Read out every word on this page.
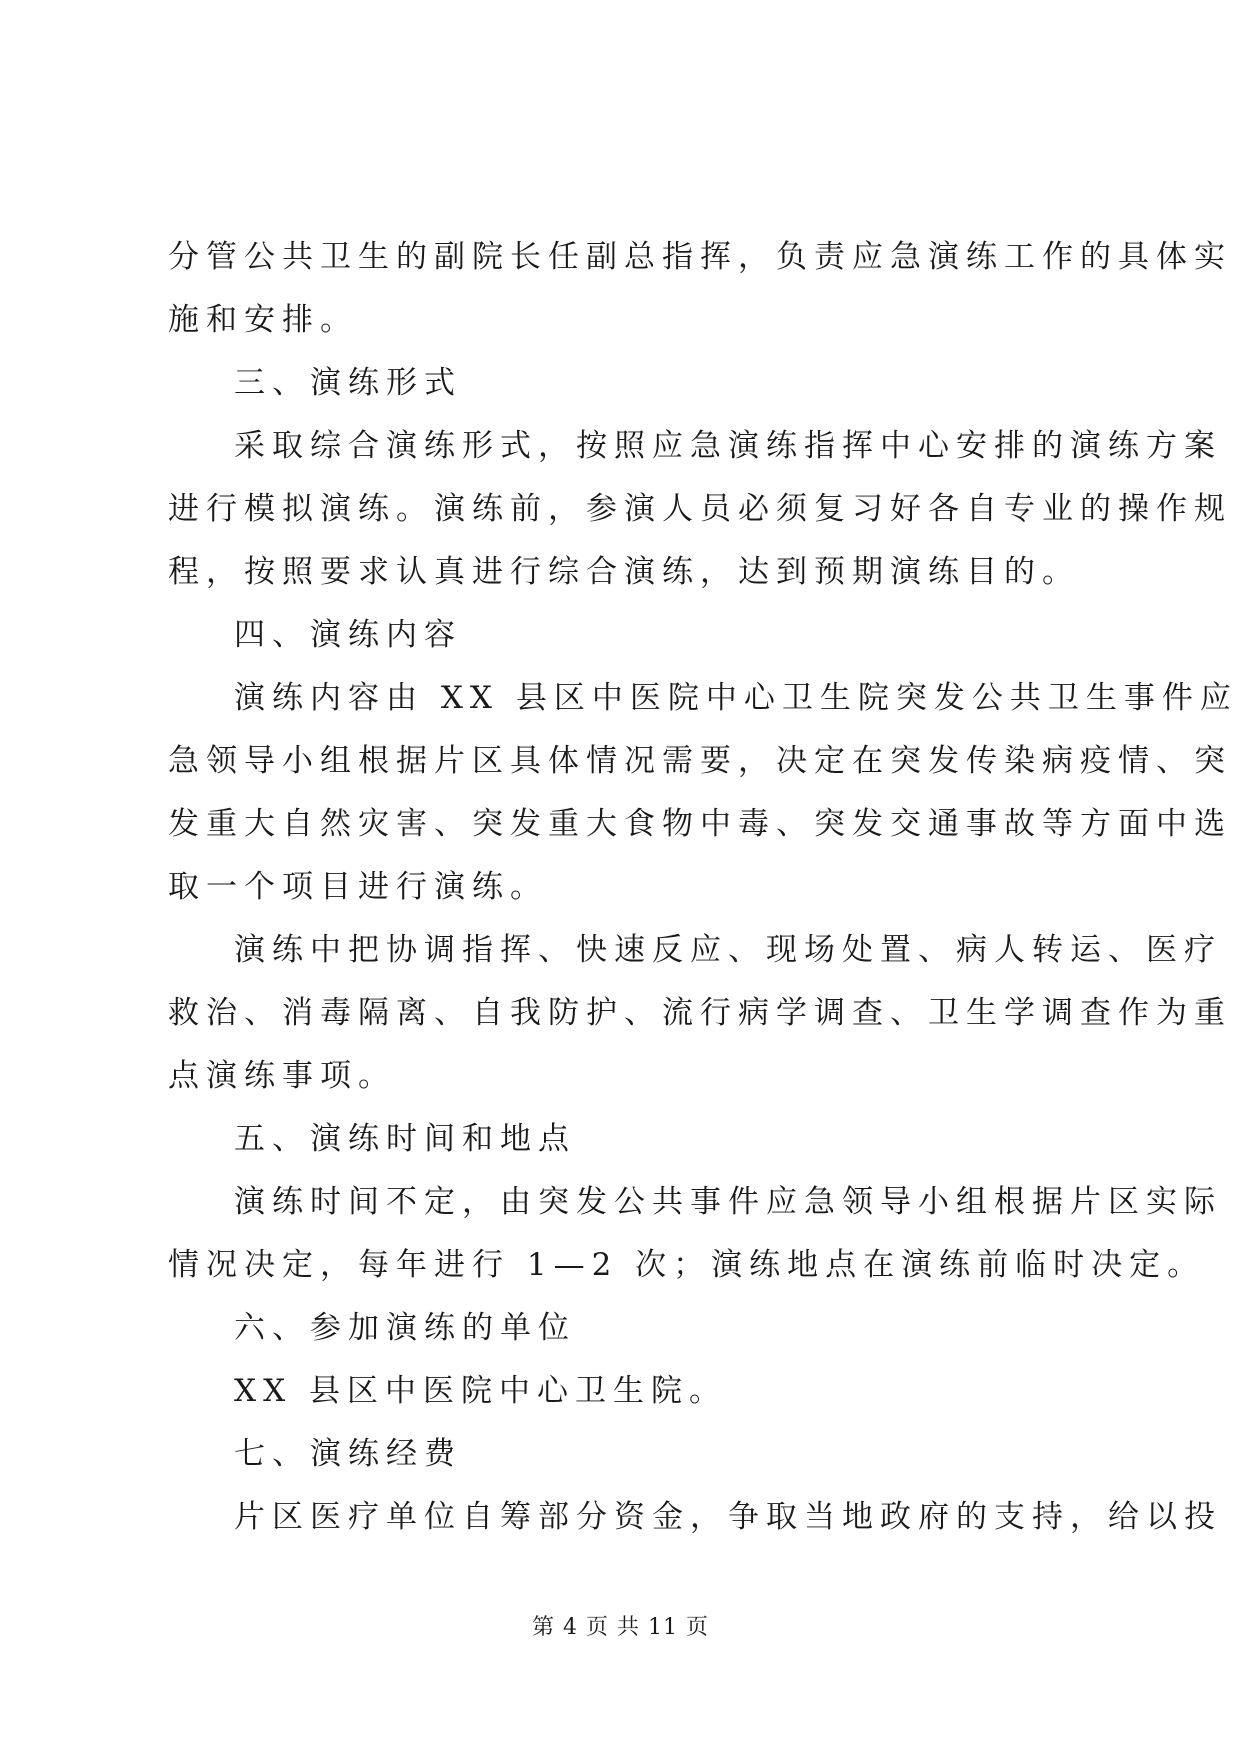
分管公共卫生的副院长任副总指挥，负责应急演练工作的具体实
施和安排。
三、演练形式
采取综合演练形式，按照应急演练指挥中心安排的演练方案
进行模拟演练。演练前，参演人员必须复习好各自专业的操作规
程，按照要求认真进行综合演练，达到预期演练目的。
四、演练内容
演练内容由 XX 县区中医院中心卫生院突发公共卫生事件应
急领导小组根据片区具体情况需要，决定在突发传染病疫情、突
发重大自然灾害、突发重大食物中毒、突发交通事故等方面中选
取一个项目进行演练。
演练中把协调指挥、快速反应、现场处置、病人转运、医疗
救治、消毒隔离、自我防护、流行病学调查、卫生学调查作为重
点演练事项。
五、演练时间和地点
演练时间不定，由突发公共事件应急领导小组根据片区实际
情况决定，每年进行 1—2 次；演练地点在演练前临时决定。
六、参加演练的单位
XX 县区中医院中心卫生院。
七、演练经费
片区医疗单位自筹部分资金，争取当地政府的支持，给以投
第 4 页 共 11 页
